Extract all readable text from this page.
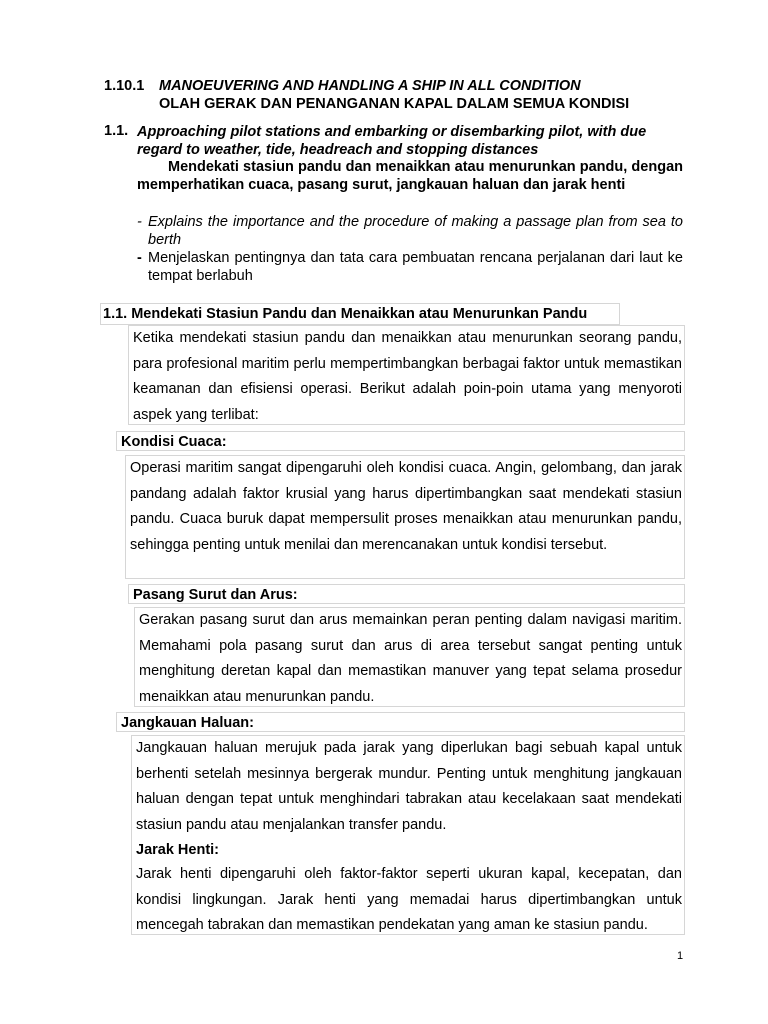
1.10.1 MANOEUVERING AND HANDLING A SHIP IN ALL CONDITION
OLAH GERAK DAN PENANGANAN KAPAL DALAM SEMUA KONDISI
1.1. Approaching pilot stations and embarking or disembarking pilot, with due regard to weather, tide, headreach and stopping distances
Mendekati stasiun pandu dan menaikkan atau menurunkan pandu, dengan memperhatikan cuaca, pasang surut, jangkauan haluan dan jarak henti
- Explains the importance and the procedure of making a passage plan from sea to berth
- Menjelaskan pentingnya dan tata cara pembuatan rencana perjalanan dari laut ke tempat berlabuh
1.1. Mendekati Stasiun Pandu dan Menaikkan atau Menurunkan Pandu
Ketika mendekati stasiun pandu dan menaikkan atau menurunkan seorang pandu, para profesional maritim perlu mempertimbangkan berbagai faktor untuk memastikan keamanan dan efisiensi operasi. Berikut adalah poin-poin utama yang menyoroti aspek yang terlibat:
Kondisi Cuaca:
Operasi maritim sangat dipengaruhi oleh kondisi cuaca. Angin, gelombang, dan jarak pandang adalah faktor krusial yang harus dipertimbangkan saat mendekati stasiun pandu. Cuaca buruk dapat mempersulit proses menaikkan atau menurunkan pandu, sehingga penting untuk menilai dan merencanakan untuk kondisi tersebut.
Pasang Surut dan Arus:
Gerakan pasang surut dan arus memainkan peran penting dalam navigasi maritim. Memahami pola pasang surut dan arus di area tersebut sangat penting untuk menghitung deretan kapal dan memastikan manuver yang tepat selama prosedur menaikkan atau menurunkan pandu.
Jangkauan Haluan:
Jangkauan haluan merujuk pada jarak yang diperlukan bagi sebuah kapal untuk berhenti setelah mesinnya bergerak mundur. Penting untuk menghitung jangkauan haluan dengan tepat untuk menghindari tabrakan atau kecelakaan saat mendekati stasiun pandu atau menjalankan transfer pandu.
Jarak Henti:
Jarak henti dipengaruhi oleh faktor-faktor seperti ukuran kapal, kecepatan, dan kondisi lingkungan. Jarak henti yang memadai harus dipertimbangkan untuk mencegah tabrakan dan memastikan pendekatan yang aman ke stasiun pandu.
1
